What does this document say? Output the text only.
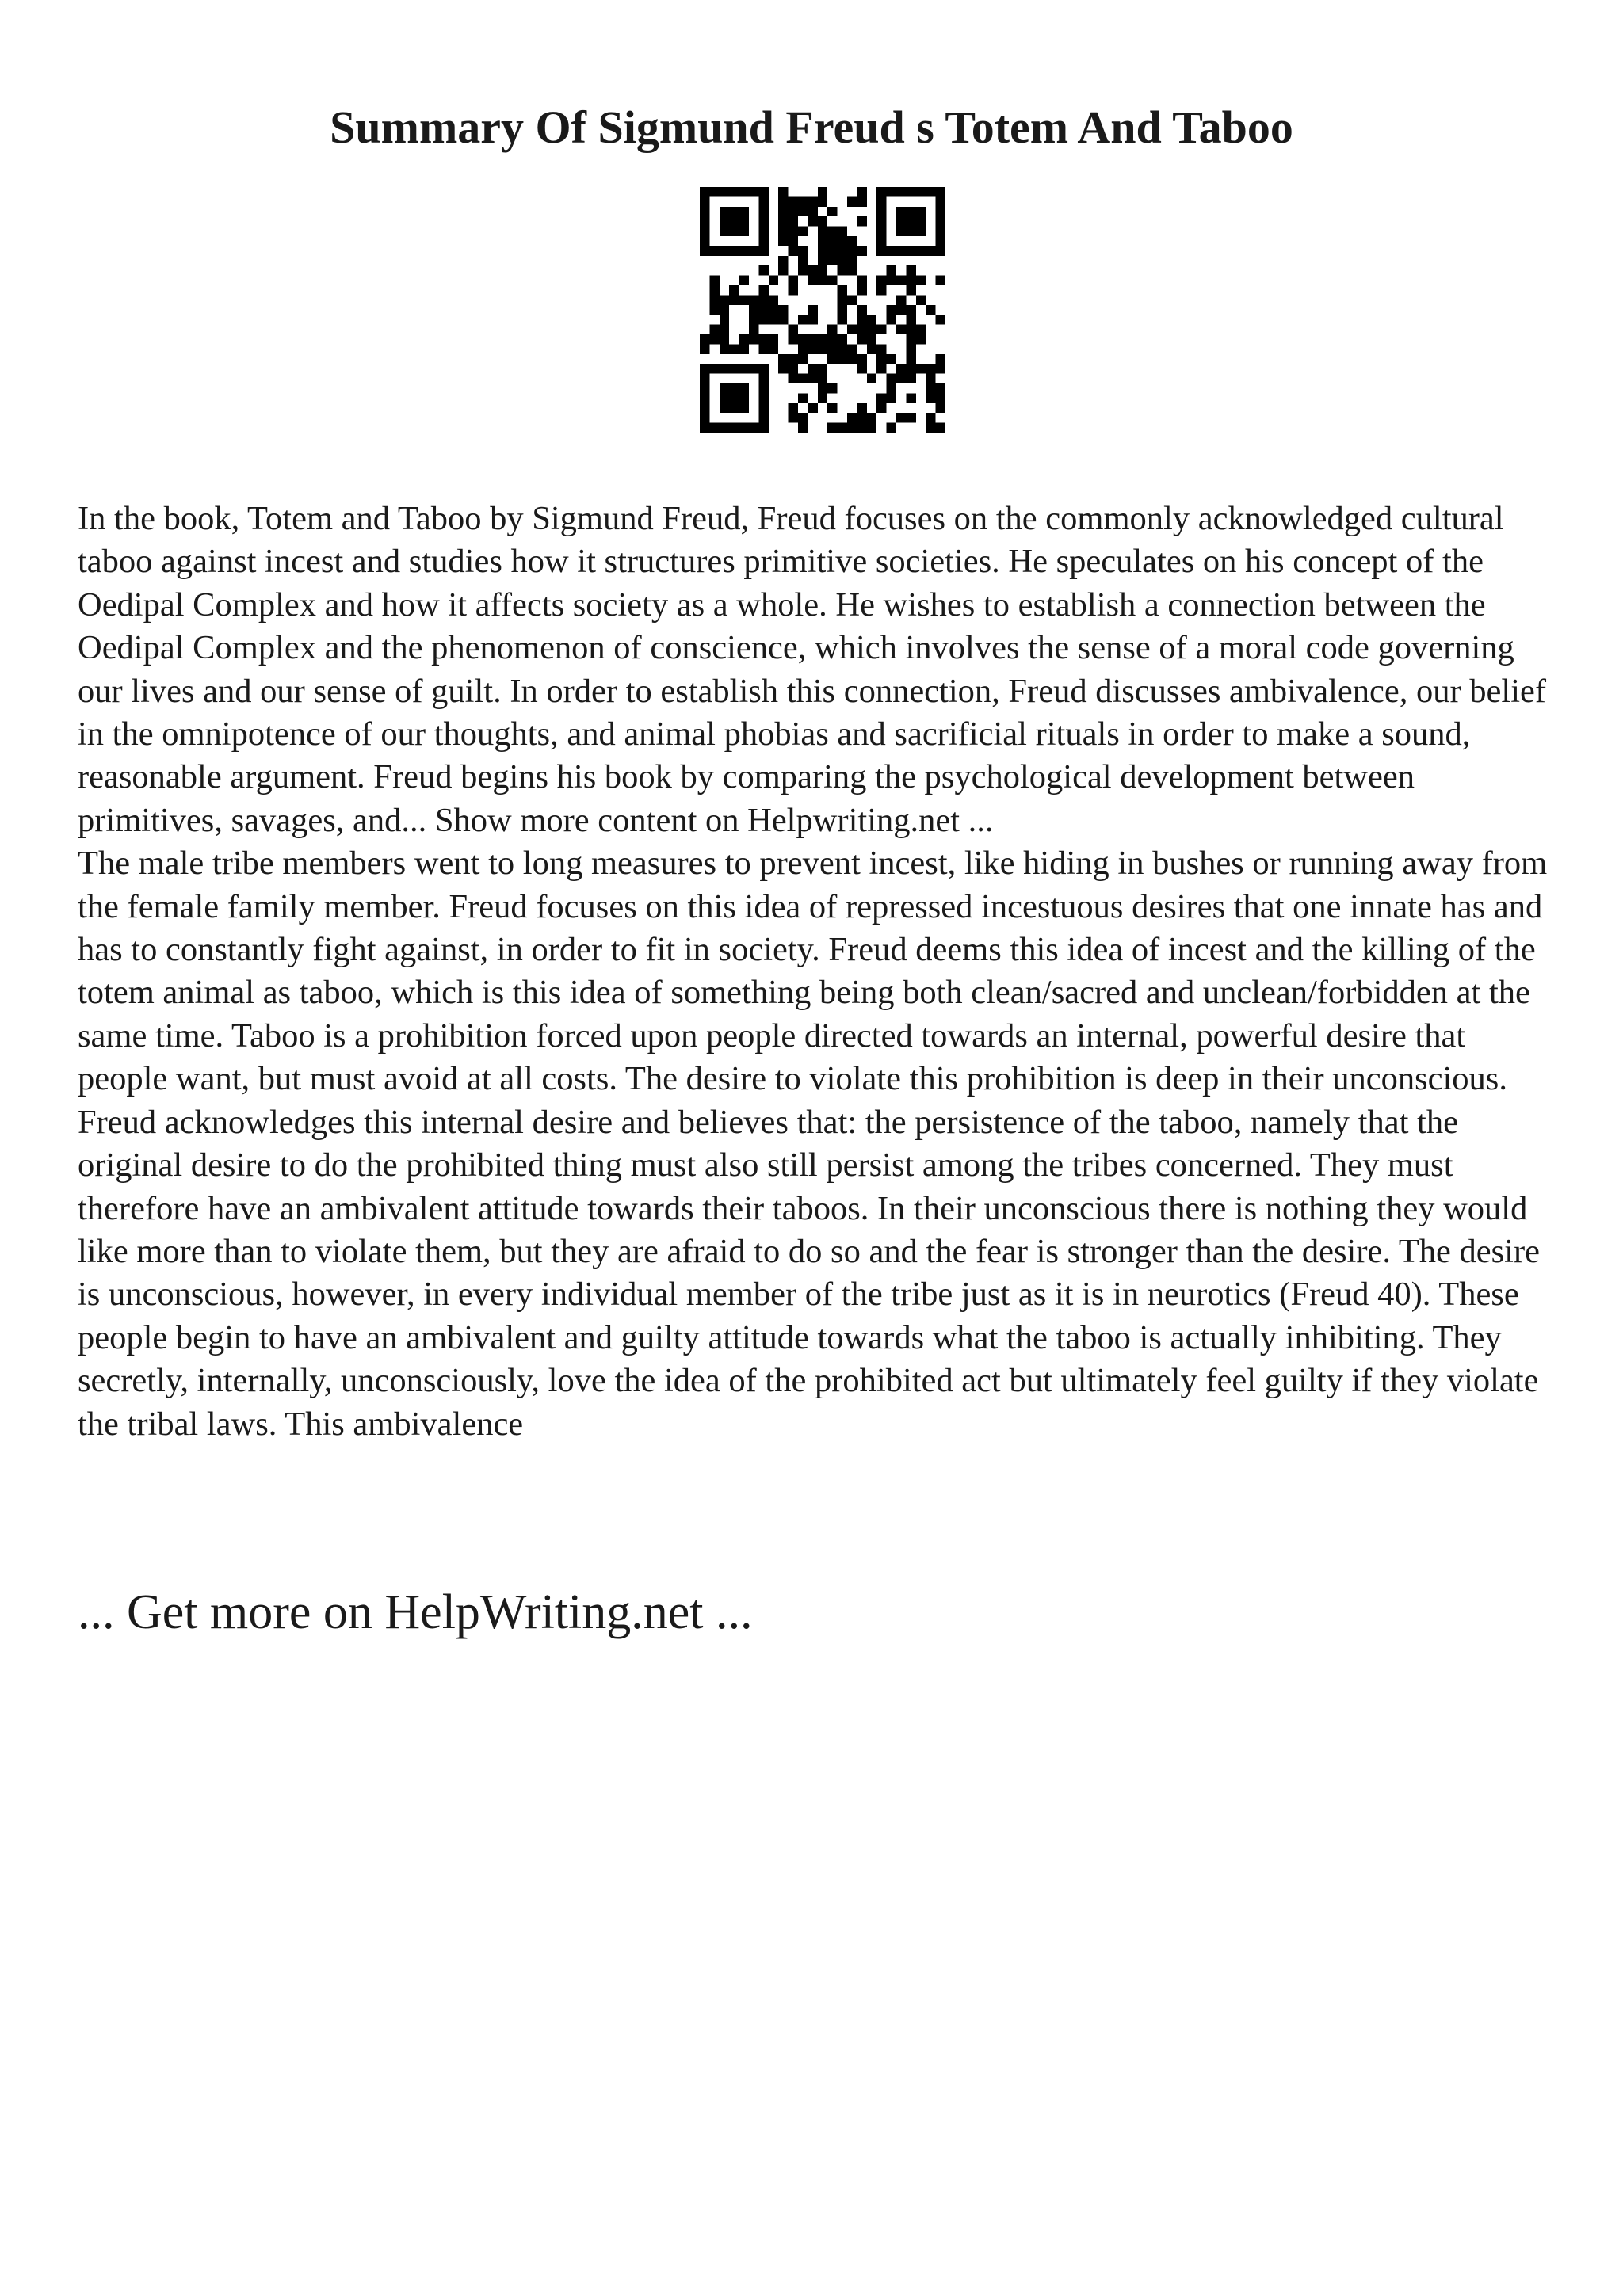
Summary Of Sigmund Freud s Totem And Taboo

In the book, Totem and Taboo by Sigmund Freud, Freud focuses on the commonly acknowledged cultural taboo against incest and studies how it structures primitive societies. He speculates on his concept of the Oedipal Complex and how it affects society as a whole. He wishes to establish a connection between the Oedipal Complex and the phenomenon of conscience, which involves the sense of a moral code governing our lives and our sense of guilt. In order to establish this connection, Freud discusses ambivalence, our belief in the omnipotence of our thoughts, and animal phobias and sacrificial rituals in order to make a sound, reasonable argument. Freud begins his book by comparing the psychological development between primitives, savages, and... Show more content on Helpwriting.net ...

The male tribe members went to long measures to prevent incest, like hiding in bushes or running away from the female family member. Freud focuses on this idea of repressed incestuous desires that one innate has and has to constantly fight against, in order to fit in society. Freud deems this idea of incest and the killing of the totem animal as taboo, which is this idea of something being both clean/sacred and unclean/forbidden at the same time. Taboo is a prohibition forced upon people directed towards an internal, powerful desire that people want, but must avoid at all costs. The desire to violate this prohibition is deep in their unconscious. Freud acknowledges this internal desire and believes that: the persistence of the taboo, namely that the original desire to do the prohibited thing must also still persist among the tribes concerned. They must therefore have an ambivalent attitude towards their taboos. In their unconscious there is nothing they would like more than to violate them, but they are afraid to do so and the fear is stronger than the desire. The desire is unconscious, however, in every individual member of the tribe just as it is in neurotics (Freud 40). These people begin to have an ambivalent and guilty attitude towards what the taboo is actually inhibiting. They secretly, internally, unconsciously, love the idea of the prohibited act but ultimately feel guilty if they violate the tribal laws. This ambivalence

... Get more on HelpWriting.net ...
